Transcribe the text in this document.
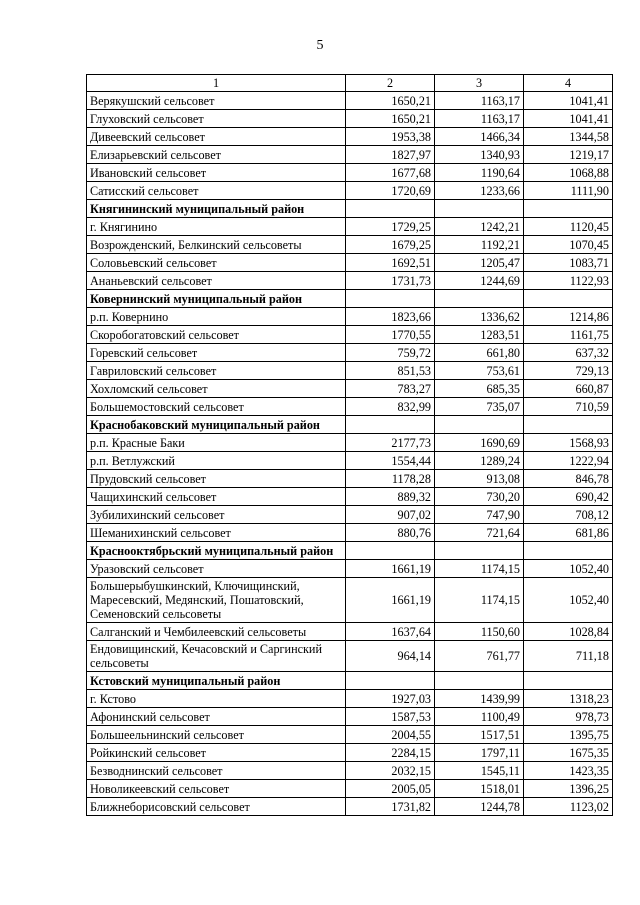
5
1	2	3	4
Верякушский сельсовет	1650,21	1163,17	1041,41
Глуховский сельсовет	1650,21	1163,17	1041,41
Дивеевский сельсовет	1953,38	1466,34	1344,58
Елизарьевский сельсовет	1827,97	1340,93	1219,17
Ивановский сельсовет	1677,68	1190,64	1068,88
Сатисский сельсовет	1720,69	1233,66	1111,90
Княгининский муниципальный район			
г. Княгинино	1729,25	1242,21	1120,45
Возрожденский, Белкинский сельсоветы	1679,25	1192,21	1070,45
Соловьевский сельсовет	1692,51	1205,47	1083,71
Ананьевский сельсовет	1731,73	1244,69	1122,93
Ковернинский муниципальный район			
р.п. Ковернино	1823,66	1336,62	1214,86
Скоробогатовский сельсовет	1770,55	1283,51	1161,75
Горевский сельсовет	759,72	661,80	637,32
Гавриловский сельсовет	851,53	753,61	729,13
Хохломский сельсовет	783,27	685,35	660,87
Большемостовский сельсовет	832,99	735,07	710,59
Краснобаковский муниципальный район			
р.п. Красные Баки	2177,73	1690,69	1568,93
р.п. Ветлужский	1554,44	1289,24	1222,94
Прудовский сельсовет	1178,28	913,08	846,78
Чащихинский сельсовет	889,32	730,20	690,42
Зубилихинский сельсовет	907,02	747,90	708,12
Шеманихинский сельсовет	880,76	721,64	681,86
Краснооктябрьский муниципальный район			
Уразовский сельсовет	1661,19	1174,15	1052,40
Большерыбушкинский, Ключищинский, Маресевский, Медянский, Пошатовский, Семеновский сельсоветы	1661,19	1174,15	1052,40
Салганский и Чембилеевский сельсоветы	1637,64	1150,60	1028,84
Ендовищинский, Кечасовский и Саргинский сельсоветы	964,14	761,77	711,18
Кстовский муниципальный район			
г. Кстово	1927,03	1439,99	1318,23
Афонинский сельсовет	1587,53	1100,49	978,73
Большеельнинский сельсовет	2004,55	1517,51	1395,75
Ройкинский сельсовет	2284,15	1797,11	1675,35
Безводнинский сельсовет	2032,15	1545,11	1423,35
Новоликеевский сельсовет	2005,05	1518,01	1396,25
Ближнеборисовский сельсовет	1731,82	1244,78	1123,02
